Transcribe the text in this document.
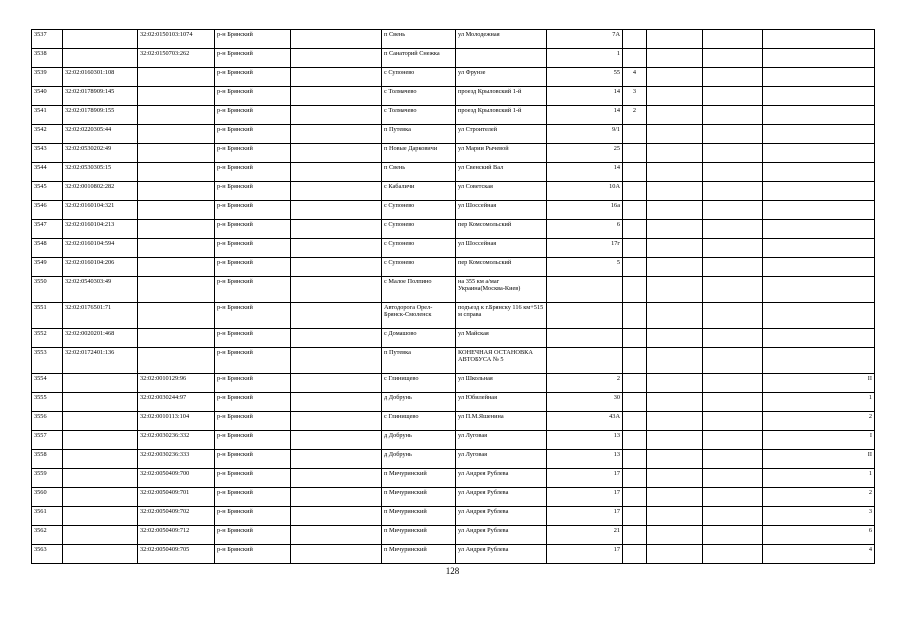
3537		32:02:0150103:1074	р-н Брянский		п Свень	ул Молодежная	7А				
3538		32:02:0150703:262	р-н Брянский		п Санаторий Снежка		1				
3539	32:02:0160301:108		р-н Брянский		с Супонево	ул Фрунзе	55	4			
3540	32:02:0178909:145		р-н Брянский		с Толмачево	проезд Крыловский 1-й	14	3			
3541	32:02:0178909:155		р-н Брянский		с Толмачево	проезд Крыловский 1-й	14	2			
3542	32:02:0220305:44		р-н Брянский		п Путевка	ул Строителей	9/1				
3543	32:02:0530202:49		р-н Брянский		п Новые Дарковичи	ул Марии Рычевой	25				
3544	32:02:0530305:15		р-н Брянский		п Свень	ул Свенский Вал	14				
3545	32:02:0010802:282		р-н Брянский		с Кабаличи	ул Советская	10А				
3546	32:02:0160104:321		р-н Брянский		с Супонево	ул Шоссейная	16а				
3547	32:02:0160104:213		р-н Брянский		с Супонево	пер Комсомольский	6				
3548	32:02:0160104:594		р-н Брянский		с Супонево	ул Шоссейная	17г				
3549	32:02:0160104:206		р-н Брянский		с Супонево	пер Комсомольский	5				
3550	32:02:0540303:49		р-н Брянский		с Малое Полпино	на 355 км а/маг Украина(Москва-Киев)					
3551	32:02:0176501:71		р-н Брянский		Автодорога Орел-Брянск-Смоленск	подъезд к г.Брянску 116 км+515 м справа					
3552	32:02:0020201:468		р-н Брянский		с Домашово	ул Майская					
3553	32:02:0172401:136		р-н Брянский		п Путевка	КОНЕЧНАЯ ОСТАНОВКА АВТОБУСА № 5					
3554		32:02:0010129:96	р-н Брянский		с Глинищево	ул Школьная	2				II
3555		32:02:0030244:97	р-н Брянский		д Добрунь	ул Юбилейная	30				1
3556		32:02:0010113:104	р-н Брянский		с Глинищево	ул П.М.Яшенина	43А				2
3557		32:02:0030236:332	р-н Брянский		д Добрунь	ул Луговая	13				I
3558		32:02:0030236:333	р-н Брянский		д Добрунь	ул Луговая	13				II
3559		32:02:0050409:700	р-н Брянский		п Мичуринский	ул Андрея Рублева	17				1
3560		32:02:0050409:701	р-н Брянский		п Мичуринский	ул Андрея Рублева	17				2
3561		32:02:0050409:702	р-н Брянский		п Мичуринский	ул Андрея Рублева	17				3
3562		32:02:0050409:712	р-н Брянский		п Мичуринский	ул Андрея Рублева	21				6
3563		32:02:0050409:705	р-н Брянский		п Мичуринский	ул Андрея Рублева	17				4
128
